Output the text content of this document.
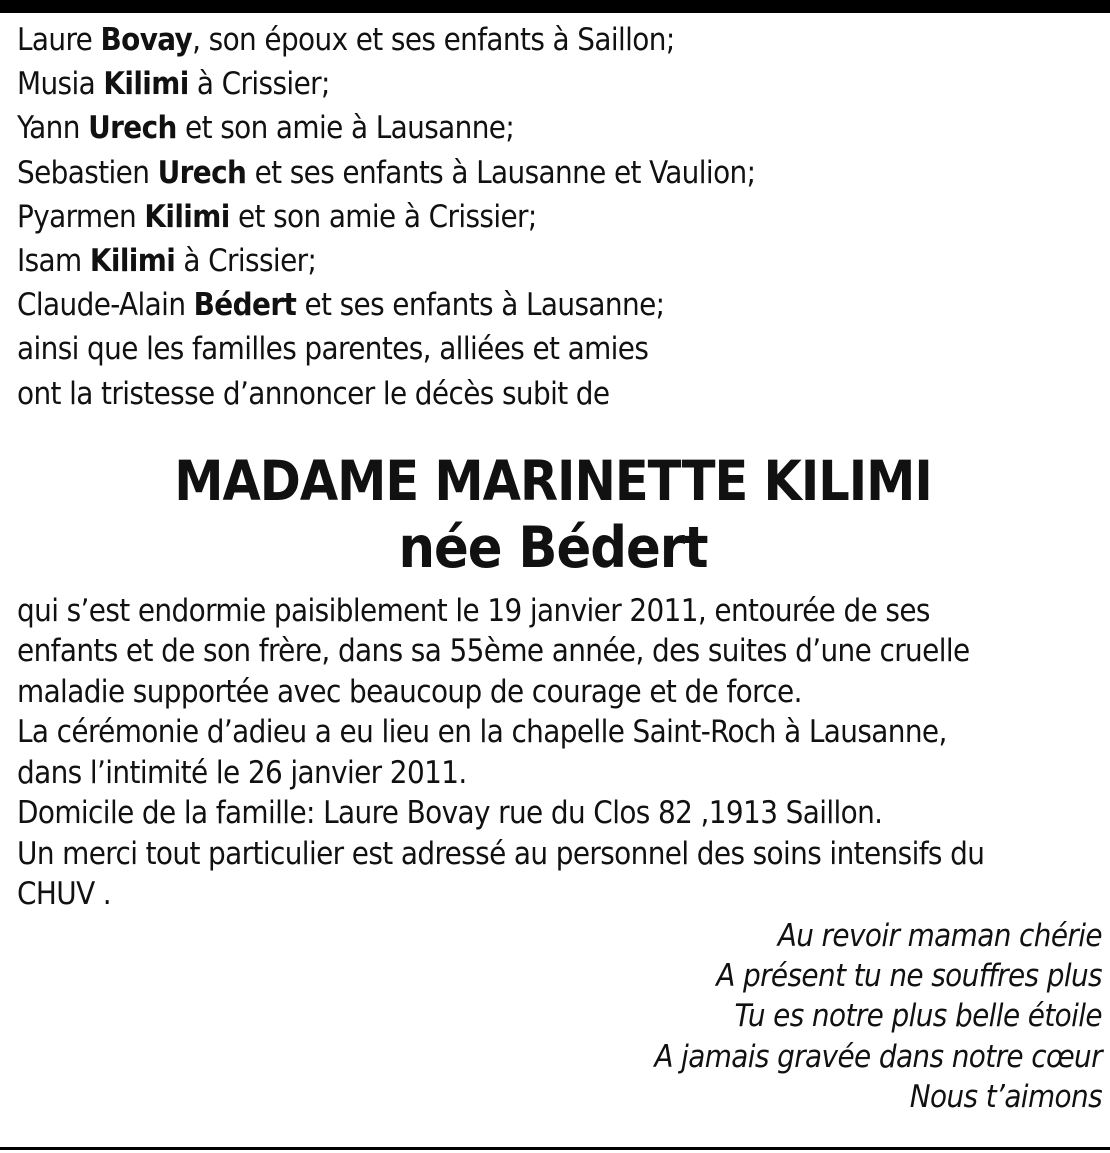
Laure Bovay, son époux et ses enfants à Saillon;
Musia Kilimi à Crissier;
Yann Urech et son amie à Lausanne;
Sebastien Urech et ses enfants à Lausanne et Vaulion;
Pyarmen Kilimi et son amie à Crissier;
Isam Kilimi à Crissier;
Claude-Alain Bédert et ses enfants à Lausanne;
ainsi que les familles parentes, alliées et amies
ont la tristesse d’annoncer le décès subit de
MADAME MARINETTE KILIMI
née Bédert
qui s’est endormie paisiblement le 19 janvier 2011, entourée de ses
enfants et de son frère, dans sa 55ème année, des suites d’une cruelle
maladie supportée avec beaucoup de courage et de force.
La cérémonie d’adieu a eu lieu en la chapelle Saint-Roch à Lausanne,
dans l’intimité le 26 janvier 2011.
Domicile de la famille: Laure Bovay rue du Clos 82 ,1913 Saillon.
Un merci tout particulier est adressé au personnel des soins intensifs du
CHUV .
Au revoir maman chérie
A présent tu ne souffres plus
Tu es notre plus belle étoile
A jamais gravée dans notre cœur
Nous t’aimons
